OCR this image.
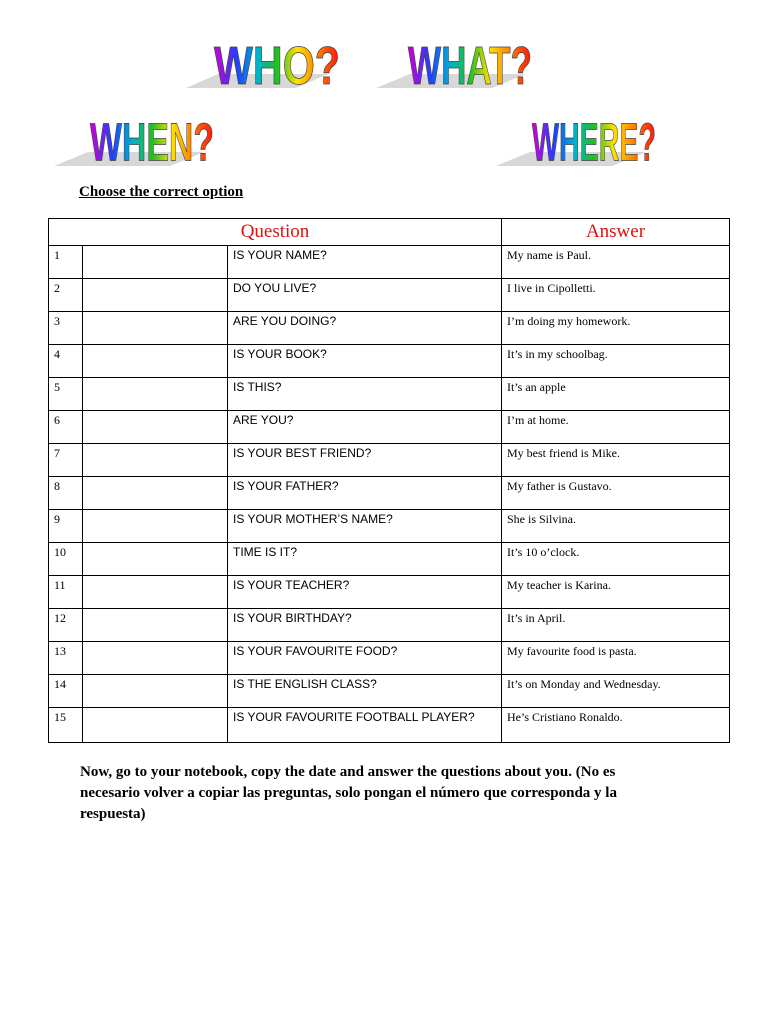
WHO? WHAT?
WHEN?	WHERE?
Choose the correct option
Question			Answer
1		IS YOUR NAME?	My name is Paul.
2		DO YOU LIVE?	I live in Cipolletti.
3		ARE YOU DOING?	I’m doing my homework.
4		IS YOUR BOOK?	It’s in my schoolbag.
5		IS THIS?	It’s an apple
6		ARE YOU?	I’m at home.
7		IS YOUR BEST FRIEND?	My best friend is Mike.
8		IS YOUR FATHER?	My father is Gustavo.
9		IS YOUR MOTHER’S NAME?	She is Silvina.
10		TIME IS IT?	It’s 10 o’clock.
11		IS YOUR TEACHER?	My teacher is Karina.
12		IS YOUR BIRTHDAY?	It’s in April.
13		IS YOUR FAVOURITE FOOD?	My favourite food is pasta.
14		IS THE ENGLISH CLASS?	It’s on Monday and Wednesday.
15		IS YOUR FAVOURITE FOOTBALL PLAYER?	He’s Cristiano Ronaldo.
Now, go to your notebook, copy the date and answer the questions about you. (No es necesario volver a copiar las preguntas, solo pongan el número que corresponda y la respuesta)
